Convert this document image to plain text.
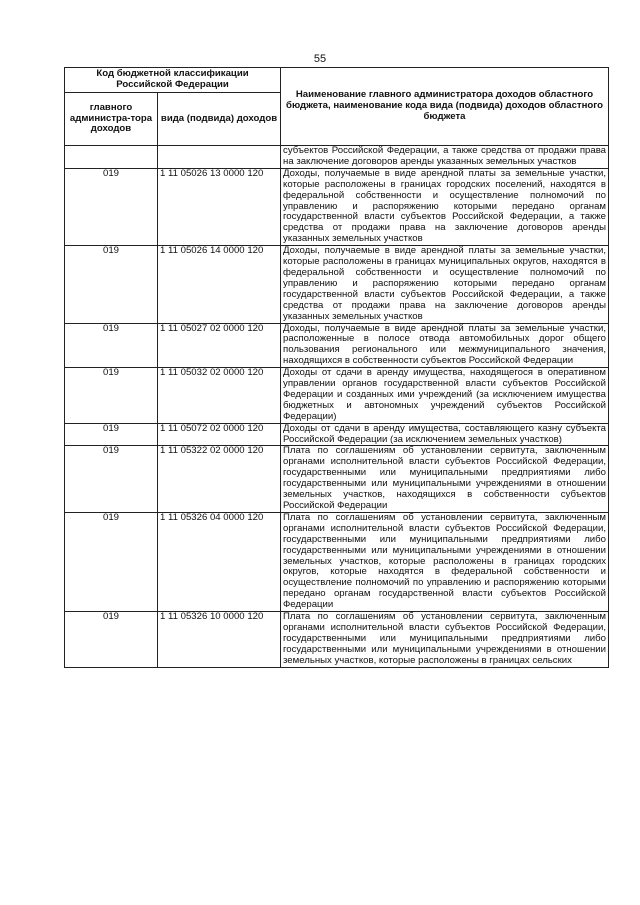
55
Код бюджетной классификации Российской Федерации		Наименование главного администратора доходов областного бюджета, наименование кода вида (подвида) доходов областного бюджета
главного администра-тора доходов	вида (подвида) доходов	
		субъектов Российской Федерации, а также средства от продажи права на заключение договоров аренды указанных земельных участков
019	1 11 05026 13 0000 120	Доходы, получаемые в виде арендной платы за земельные участки, которые расположены в границах городских поселений, находятся в федеральной собственности и осуществление полномочий по управлению и распоряжению которыми передано органам государственной власти субъектов Российской Федерации, а также средства от продажи права на заключение договоров аренды указанных земельных участков
019	1 11 05026 14 0000 120	Доходы, получаемые в виде арендной платы за земельные участки, которые расположены в границах муниципальных округов, находятся в федеральной собственности и осуществление полномочий по управлению и распоряжению которыми передано органам государственной власти субъектов Российской Федерации, а также средства от продажи права на заключение договоров аренды указанных земельных участков
019	1 11 05027 02 0000 120	Доходы, получаемые в виде арендной платы за земельные участки, расположенные в полосе отвода автомобильных дорог общего пользования регионального или межмуниципального значения, находящихся в собственности субъектов Российской Федерации
019	1 11 05032 02 0000 120	Доходы от сдачи в аренду имущества, находящегося в оперативном управлении органов государственной власти субъектов Российской Федерации и созданных ими учреждений (за исключением имущества бюджетных и автономных учреждений субъектов Российской Федерации)
019	1 11 05072 02 0000 120	Доходы от сдачи в аренду имущества, составляющего казну субъекта Российской Федерации (за исключением земельных участков)
019	1 11 05322 02 0000 120	Плата по соглашениям об установлении сервитута, заключенным органами исполнительной власти субъектов Российской Федерации, государственными или муниципальными предприятиями либо государственными или муниципальными учреждениями в отношении земельных участков, находящихся в собственности субъектов Российской Федерации
019	1 11 05326 04 0000 120	Плата по соглашениям об установлении сервитута, заключенным органами исполнительной власти субъектов Российской Федерации, государственными или муниципальными предприятиями либо государственными или муниципальными учреждениями в отношении земельных участков, которые расположены в границах городских округов, которые находятся в федеральной собственности и осуществление полномочий по управлению и распоряжению которыми передано органам государственной власти субъектов Российской Федерации
019	1 11 05326 10 0000 120	Плата по соглашениям об установлении сервитута, заключенным органами исполнительной власти субъектов Российской Федерации, государственными или муниципальными предприятиями либо государственными или муниципальными учреждениями в отношении земельных участков, которые расположены в границах сельских
